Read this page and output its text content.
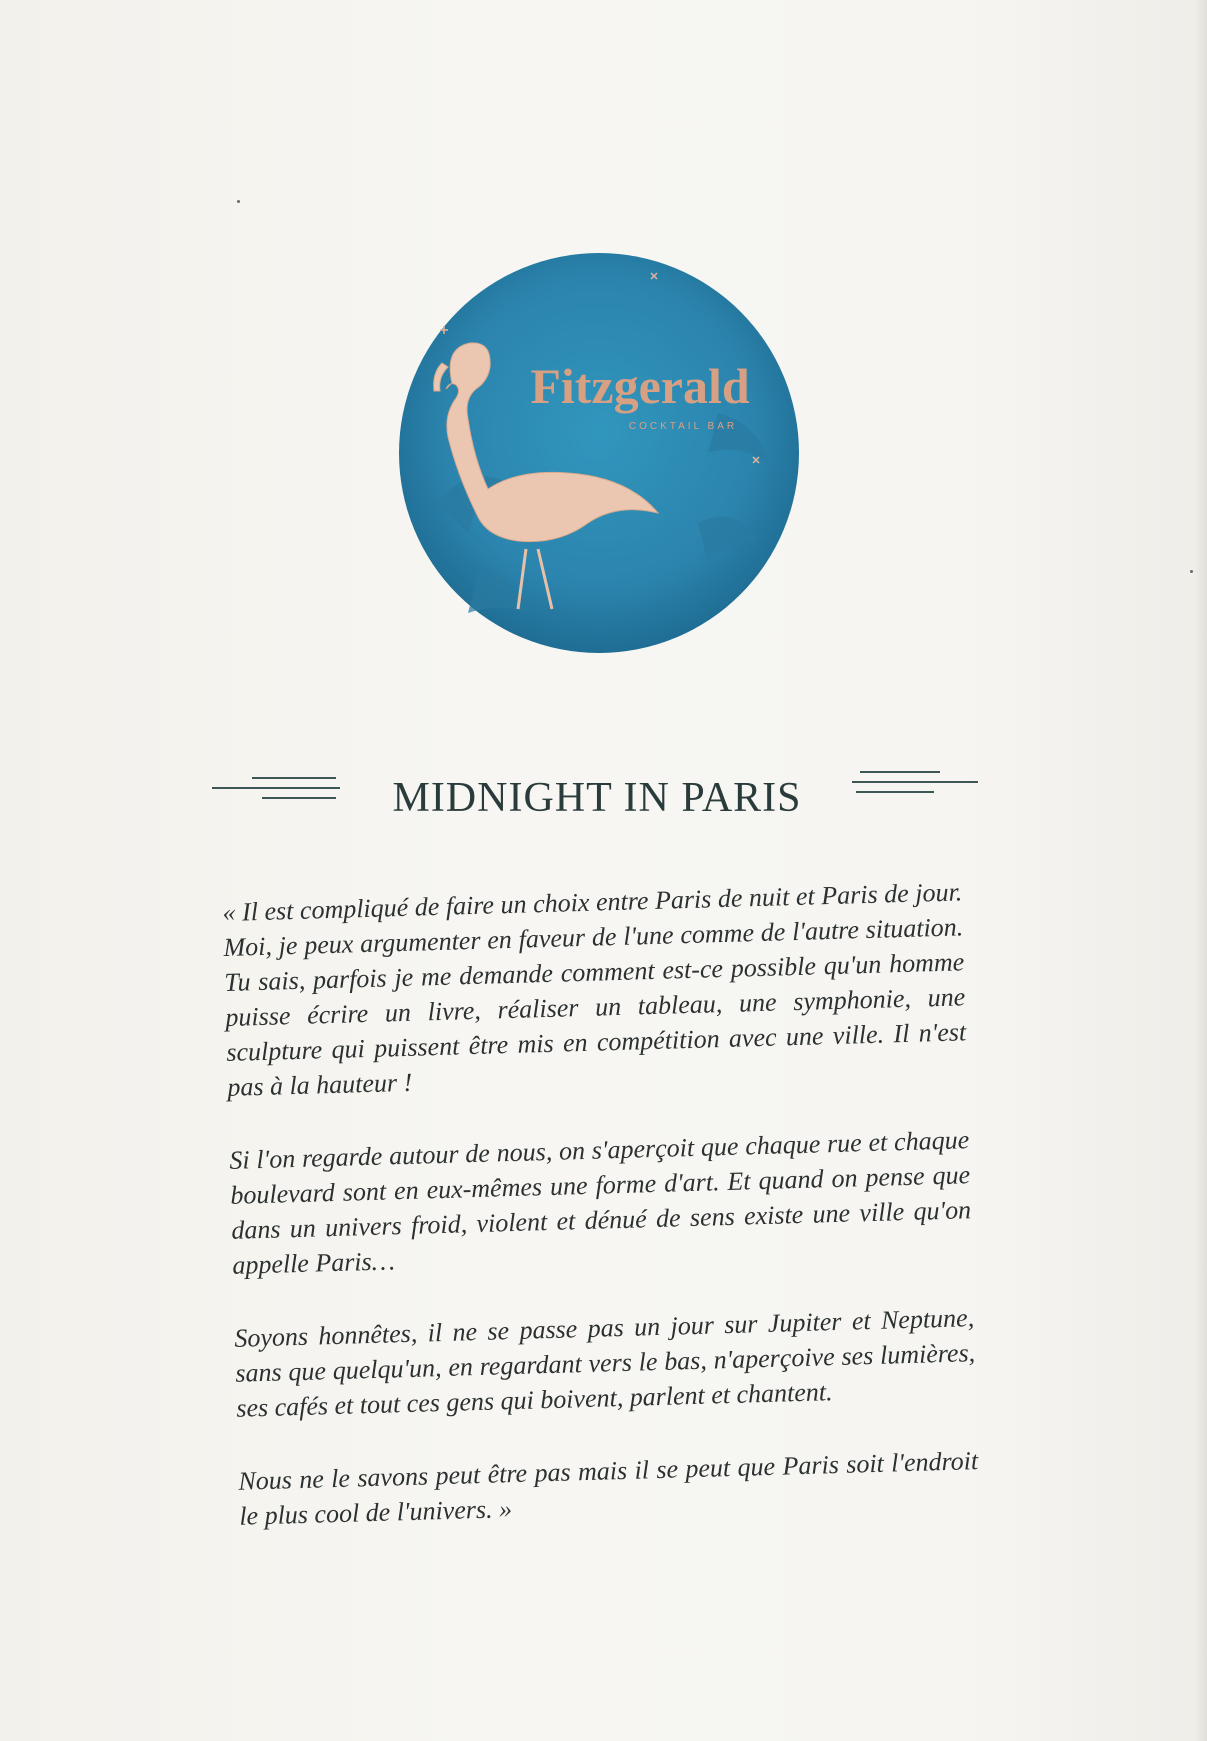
Fitzgerald
COCKTAIL BAR
MIDNIGHT IN PARIS

« Il est compliqué de faire un choix entre Paris de nuit et Paris de jour. Moi, je peux argumenter en faveur de l'une comme de l'autre situation. Tu sais, parfois je me demande comment est-ce possible qu'un homme puisse écrire un livre, réaliser un tableau, une symphonie, une sculpture qui puissent être mis en compétition avec une ville. Il n'est pas à la hauteur !

Si l'on regarde autour de nous, on s'aperçoit que chaque rue et chaque boulevard sont en eux-mêmes une forme d'art. Et quand on pense que dans un univers froid, violent et dénué de sens existe une ville qu'on appelle Paris…

Soyons honnêtes, il ne se passe pas un jour sur Jupiter et Neptune, sans que quelqu'un, en regardant vers le bas, n'aperçoive ses lumières, ses cafés et tout ces gens qui boivent, parlent et chantent.

Nous ne le savons peut être pas mais il se peut que Paris soit l'endroit le plus cool de l'univers. »
